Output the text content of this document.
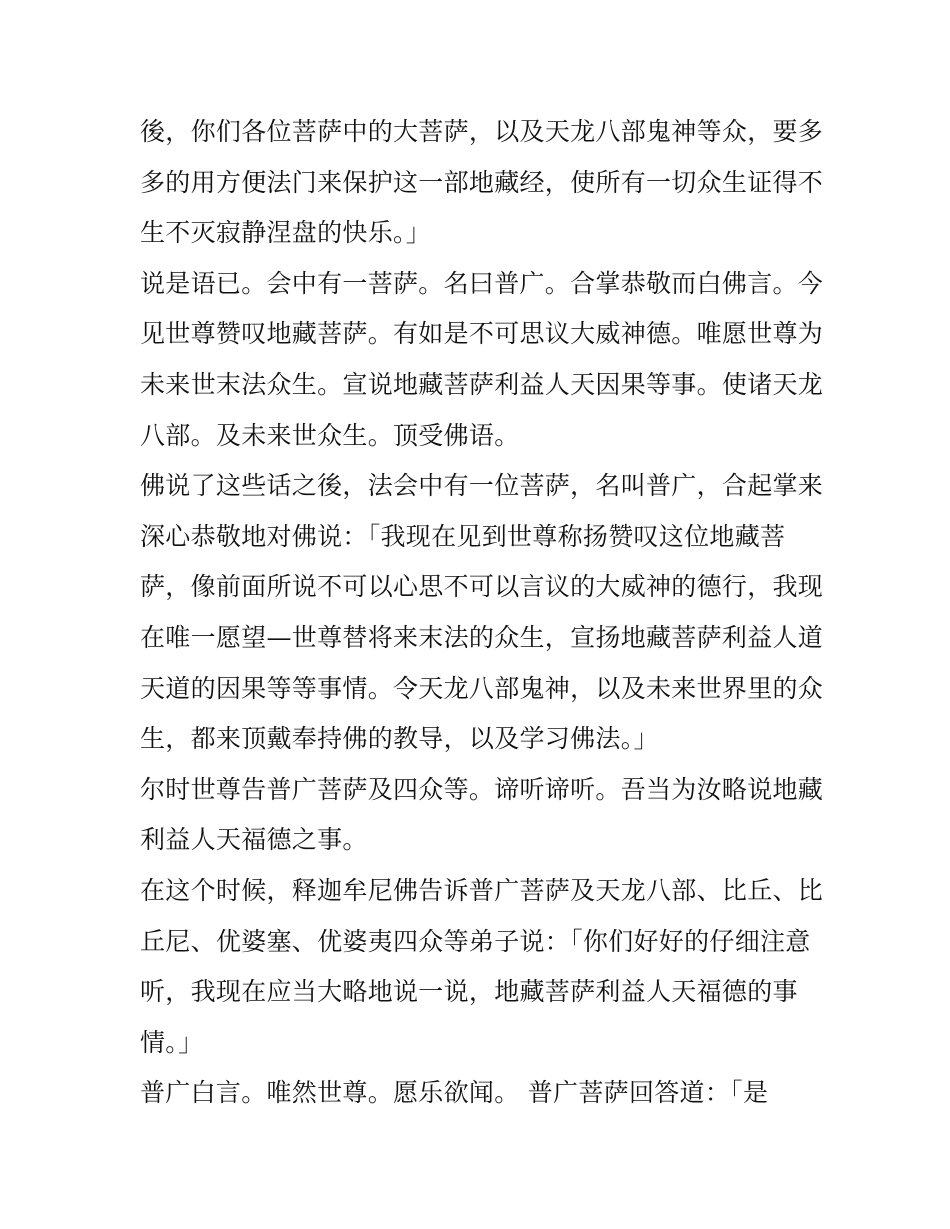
後，你们各位菩萨中的大菩萨，以及天龙八部鬼神等众，要多
多的用方便法门来保护这一部地藏经，使所有一切众生证得不
生不灭寂静涅盘的快乐。」

说是语已。会中有一菩萨。名曰普广。合掌恭敬而白佛言。今
见世尊赞叹地藏菩萨。有如是不可思议大威神德。唯愿世尊为
未来世末法众生。宣说地藏菩萨利益人天因果等事。使诸天龙
八部。及未来世众生。顶受佛语。

佛说了这些话之後，法会中有一位菩萨，名叫普广，合起掌来
深心恭敬地对佛说：「我现在见到世尊称扬赞叹这位地藏菩
萨，像前面所说不可以心思不可以言议的大威神的德行，我现
在唯一愿望—世尊替将来末法的众生，宣扬地藏菩萨利益人道
天道的因果等等事情。令天龙八部鬼神，以及未来世界里的众
生，都来顶戴奉持佛的教导，以及学习佛法。」

尔时世尊告普广菩萨及四众等。谛听谛听。吾当为汝略说地藏
利益人天福德之事。

在这个时候，释迦牟尼佛告诉普广菩萨及天龙八部、比丘、比
丘尼、优婆塞、优婆夷四众等弟子说：「你们好好的仔细注意
听，我现在应当大略地说一说，地藏菩萨利益人天福德的事
情。」

普广白言。唯然世尊。愿乐欲闻。 普广菩萨回答道：「是
